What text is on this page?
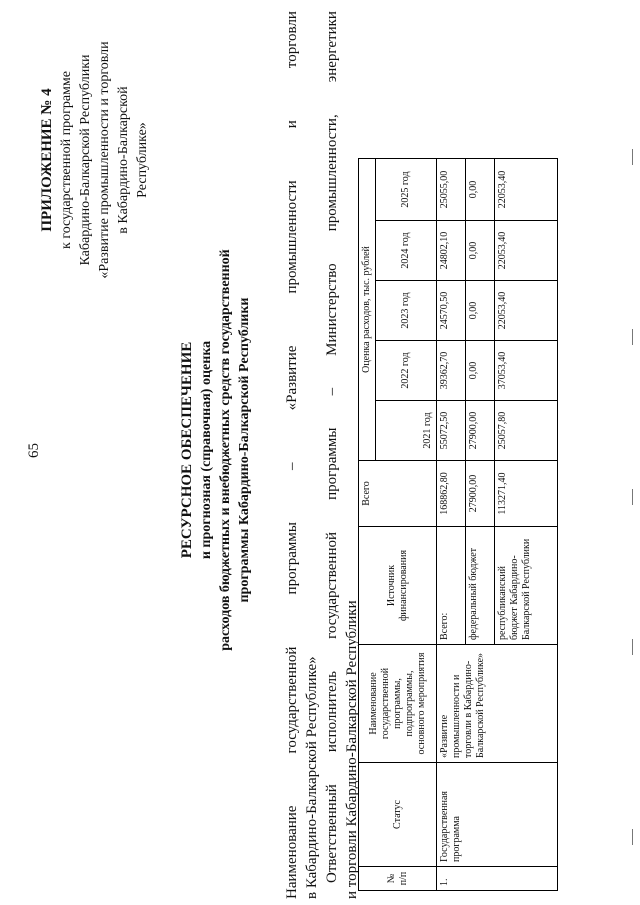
65
ПРИЛОЖЕНИЕ № 4 к государственной программе Кабардино-Балкарской Республики «Развитие промышленности и торговли в Кабардино-Балкарской Республике»
РЕСУРСНОЕ ОБЕСПЕЧЕНИЕ и прогнозная (справочная) оценка расходов бюджетных и внебюджетных средств государственной программы Кабардино-Балкарской Республики
Наименование
государственной
программы
–
«Развитие
промышленности
и
торговли
в Кабардино-Балкарской Республике» Ответственный
исполнитель
государственной
программы
–
Министерство
промышленности,
энергетики
и торговли Кабардино-Балкарской Республики	№ п/п	Статус	Наименование государственной программы, подпрограммы, основного мероприятия	Источник финансирования	Всего	Оценка расходов, тыс. рублей				
					2021 год	2022 год	2023 год	2024 год	2025 год
1.	Государственная программа	«Развитие промышленности и торговли в Кабардино-Балкарской Республике»	Всего:	168862,80	55072,50	39362,70	24570,50	24802,10	25055,00
			федеральный бюджет	27900,00	27900,00	0,00	0,00	0,00	0,00
			республиканский бюджет Кабардино-Балкарской Республики	113271,40	25057,80	37053,40	22053,40	22053,40	22053,40
